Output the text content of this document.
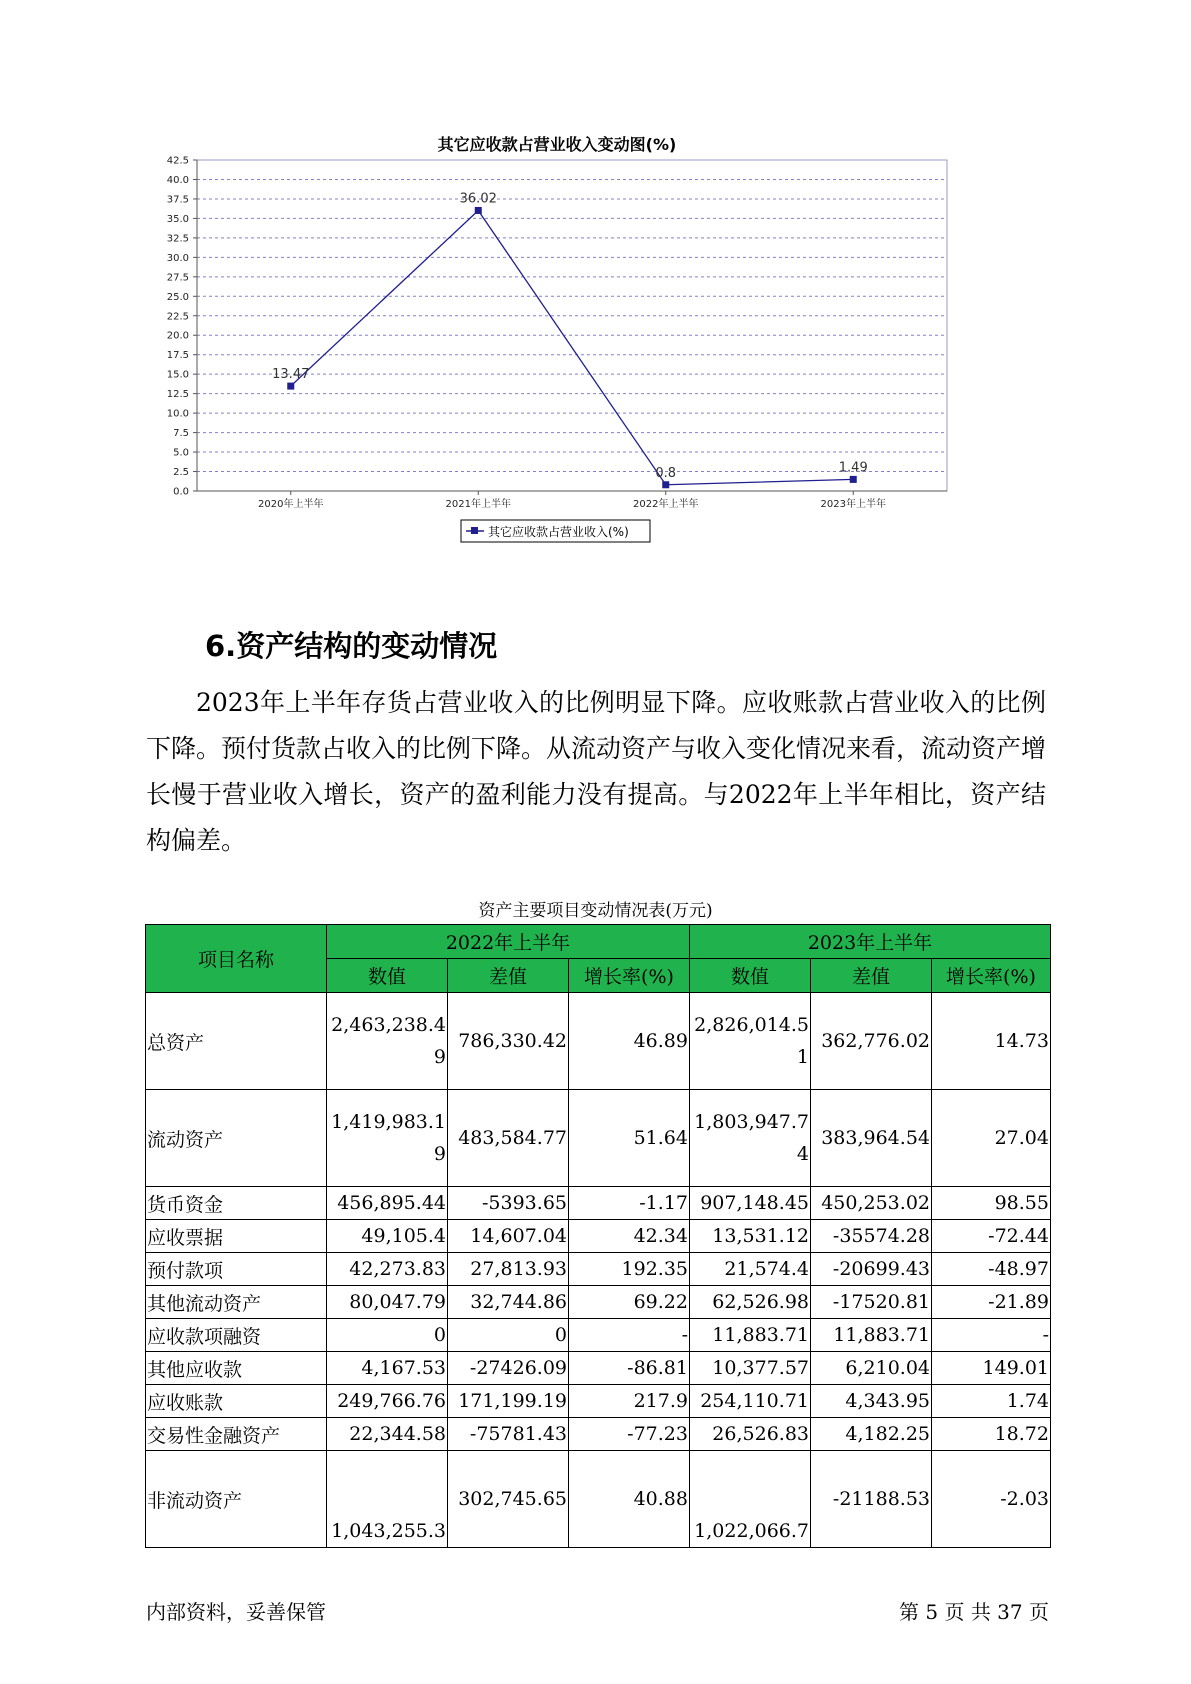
其它应收款占营业收入变动图(%)
0.0
2.5
5.0
7.5
10.0
12.5
15.0
17.5
20.0
22.5
25.0
27.5
30.0
32.5
35.0
37.5
40.0
42.5
2020年上半年	2021年上半年	2022年上半年	2023年上半年
13.47
36.02
0.8	1.49
其它应收款占营业收入(%)
6.资产结构的变动情况

2023年上半年存货占营业收入的比例明显下降。应收账款占营业收入的比例下降。预付货款占收入的比例下降。从流动资产与收入变化情况来看，流动资产增长慢于营业收入增长，资产的盈利能力没有提高。与2022年上半年相比，资产结构偏差。

资产主要项目变动情况表(万元)
项目名称	2022年上半年			2023年上半年		
	数值	差值	增长率(%)	数值	差值	增长率(%)
总资产	2,463,238.49	786,330.42	46.89	2,826,014.51	362,776.02	14.73

流动资产	1,419,983.19	483,584.77	51.64	1,803,947.74	383,964.54	27.04

货币资金	456,895.44	-5393.65	-1.17	907,148.45	450,253.02	98.55

应收票据	49,105.4	14,607.04	42.34	13,531.12	-35574.28	-72.44

预付款项	42,273.83	27,813.93	192.35	21,574.4	-20699.43	-48.97

其他流动资产	80,047.79	32,744.86	69.22	62,526.98	-17520.81	-21.89

应收款项融资	0	0	-	11,883.71	11,883.71	-

其他应收款	4,167.53	-27426.09	-86.81	10,377.57	6,210.04	149.01

应收账款	249,766.76	171,199.19	217.9	254,110.71	4,343.95	1.74

交易性金融资产	22,344.58	-75781.43	-77.23	26,526.83	4,182.25	18.72

非流动资产	1,043,255.3	302,745.65	40.88	1,022,066.7	-21188.53	-2.03
内部资料，妥善保管	第 5 页 共 37 页
